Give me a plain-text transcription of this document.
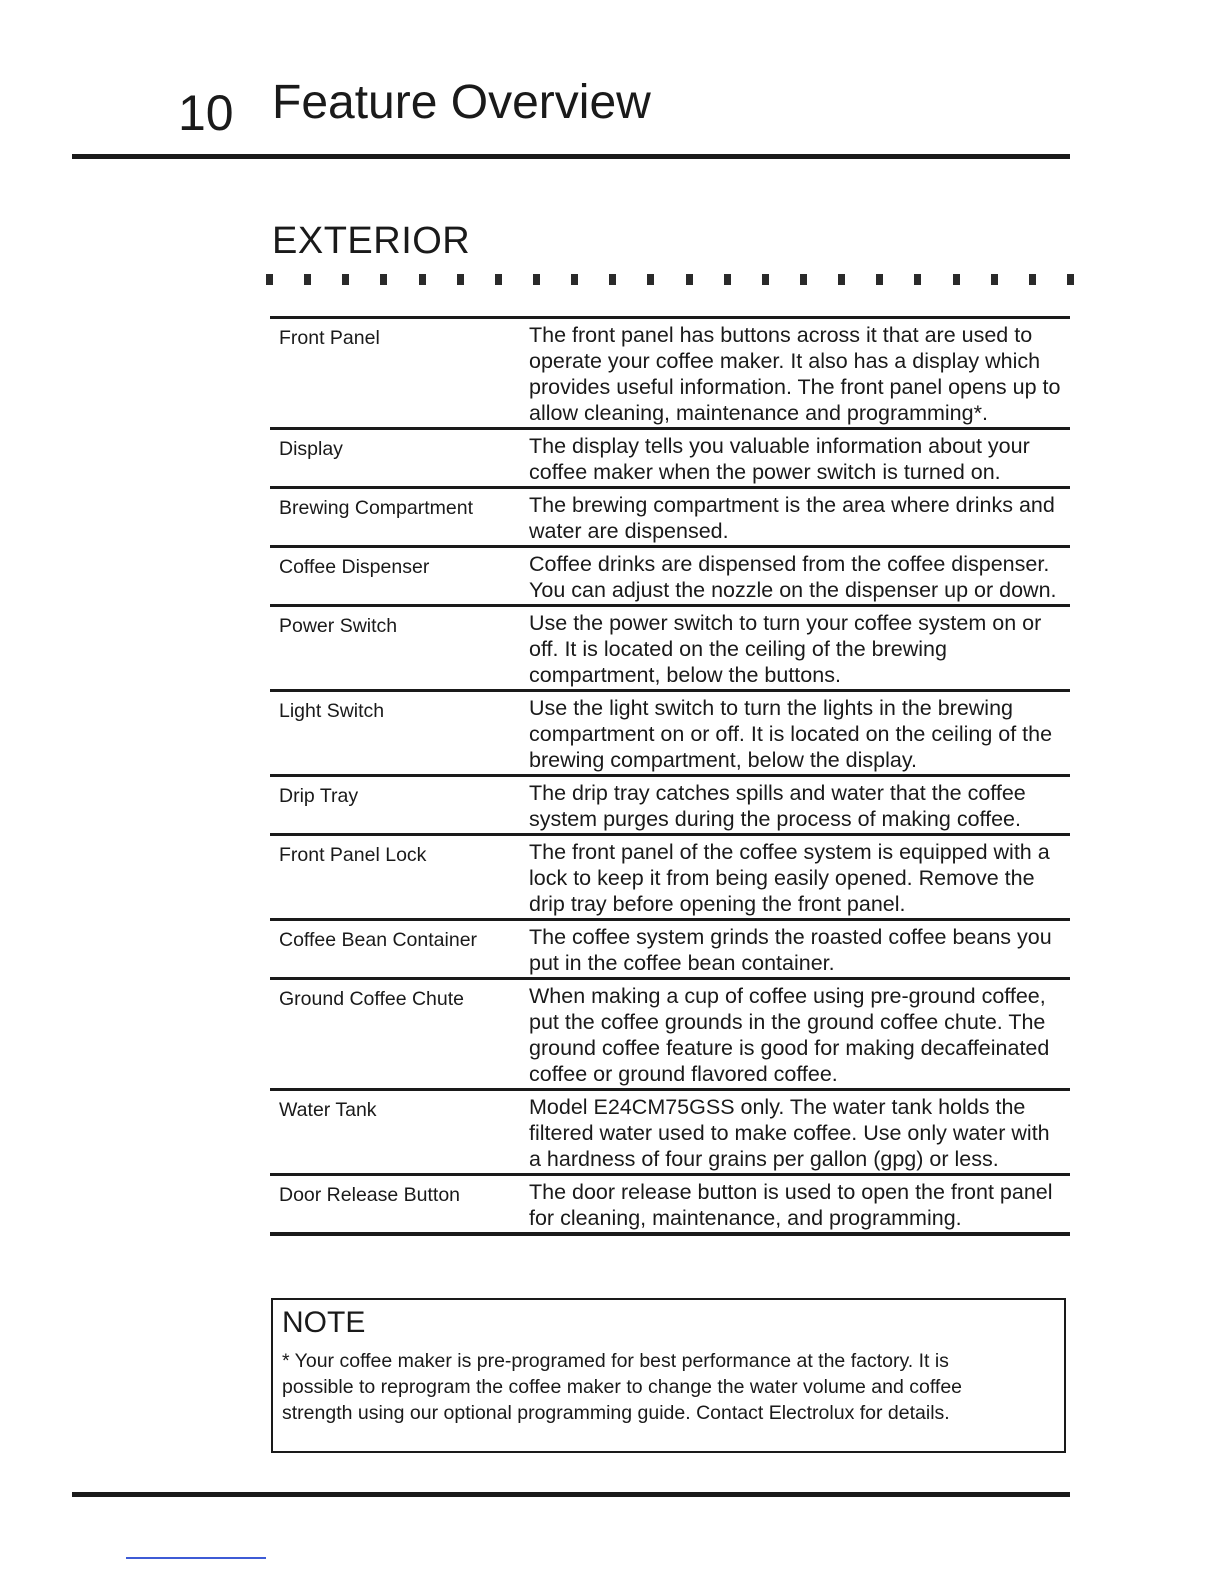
10 Feature Overview
EXTERIOR
Front Panel	The front panel has buttons across it that are used to operate your coffee maker. It also has a display which provides useful information. The front panel opens up to allow cleaning, maintenance and programming*.
Display	The display tells you valuable information about your coffee maker when the power switch is turned on.
Brewing Compartment	The brewing compartment is the area where drinks and water are dispensed.
Coffee Dispenser	Coffee drinks are dispensed from the coffee dispenser. You can adjust the nozzle on the dispenser up or down.
Power Switch	Use the power switch to turn your coffee system on or off. It is located on the ceiling of the brewing compartment, below the buttons.
Light Switch	Use the light switch to turn the lights in the brewing compartment on or off. It is located on the ceiling of the brewing compartment, below the display.
Drip Tray	The drip tray catches spills and water that the coffee system purges during the process of making coffee.
Front Panel Lock	The front panel of the coffee system is equipped with a lock to keep it from being easily opened. Remove the drip tray before opening the front panel.
Coffee Bean Container	The coffee system grinds the roasted coffee beans you put in the coffee bean container.
Ground Coffee Chute	When making a cup of coffee using pre-ground coffee, put the coffee grounds in the ground coffee chute. The ground coffee feature is good for making decaffeinated coffee or ground flavored coffee.
Water Tank	Model E24CM75GSS only. The water tank holds the filtered water used to make coffee. Use only water with a hardness of four grains per gallon (gpg) or less.
Door Release Button	The door release button is used to open the front panel for cleaning, maintenance, and programming.
NOTE
* Your coffee maker is pre-programed for best performance at the factory. It is possible to reprogram the coffee maker to change the water volume and coffee strength using our optional programming guide. Contact Electrolux for details.
